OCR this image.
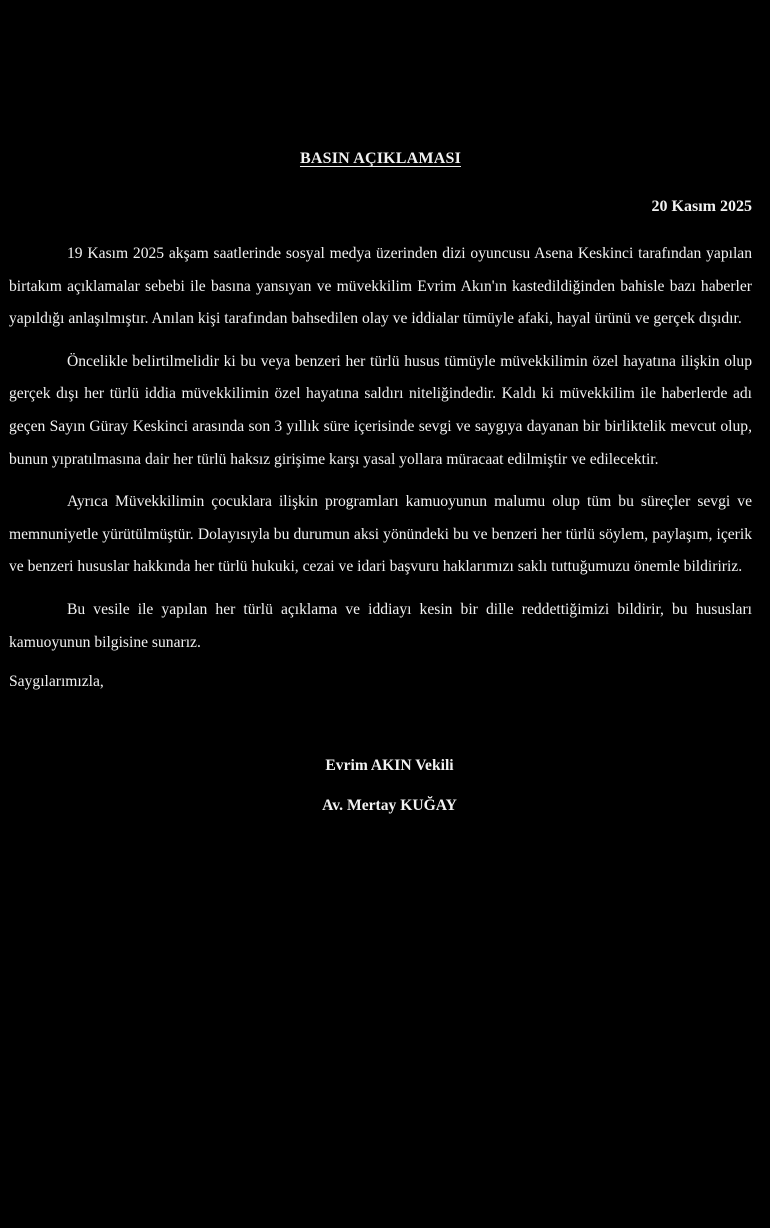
BASIN AÇIKLAMASI
20 Kasım 2025

19 Kasım 2025 akşam saatlerinde sosyal medya üzerinden dizi oyuncusu Asena Keskinci tarafından yapılan birtakım açıklamalar sebebi ile basına yansıyan ve müvekkilim Evrim Akın'ın kastedildiğinden bahisle bazı haberler yapıldığı anlaşılmıştır. Anılan kişi tarafından bahsedilen olay ve iddialar tümüyle afaki, hayal ürünü ve gerçek dışıdır.

Öncelikle belirtilmelidir ki bu veya benzeri her türlü husus tümüyle müvekkilimin özel hayatına ilişkin olup gerçek dışı her türlü iddia müvekkilimin özel hayatına saldırı niteliğindedir. Kaldı ki müvekkilim ile haberlerde adı geçen Sayın Güray Keskinci arasında son 3 yıllık süre içerisinde sevgi ve saygıya dayanan bir birliktelik mevcut olup, bunun yıpratılmasına dair her türlü haksız girişime karşı yasal yollara müracaat edilmiştir ve edilecektir.

Ayrıca Müvekkilimin çocuklara ilişkin programları kamuoyunun malumu olup tüm bu süreçler sevgi ve memnuniyetle yürütülmüştür. Dolayısıyla bu durumun aksi yönündeki bu ve benzeri her türlü söylem, paylaşım, içerik ve benzeri hususlar hakkında her türlü hukuki, cezai ve idari başvuru haklarımızı saklı tuttuğumuzu önemle bildiririz.

Bu vesile ile yapılan her türlü açıklama ve iddiayı kesin bir dille reddettiğimizi bildirir, bu hususları kamuoyunun bilgisine sunarız.

Saygılarımızla,
Evrim AKIN Vekili
Av. Mertay KUĞAY
